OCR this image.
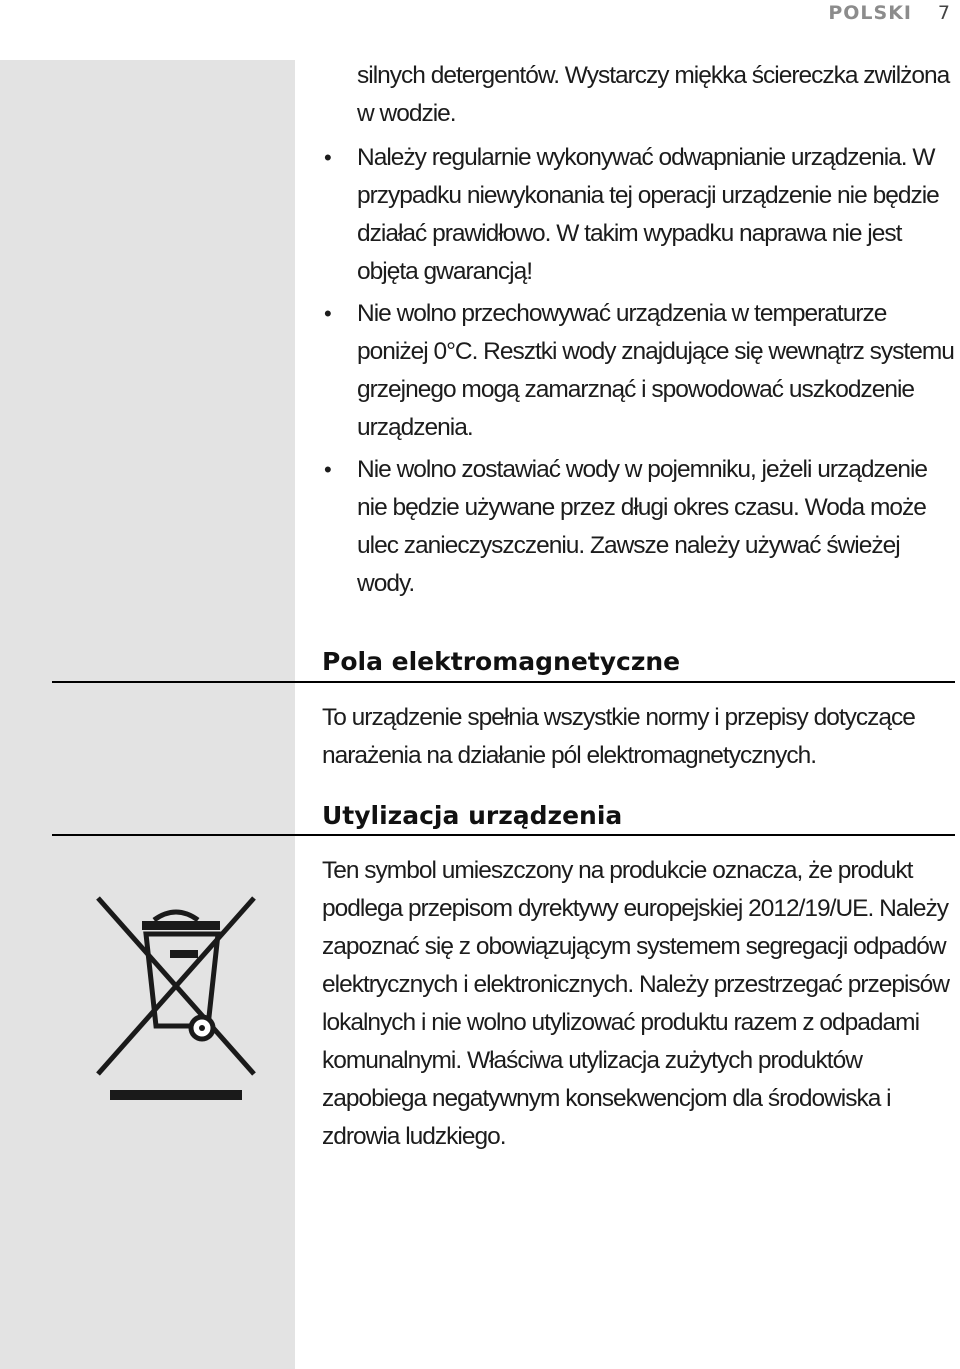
POLSKI 7

silnych detergentów. Wystarczy miękka ściereczka zwilżona w wodzie.

• Należy regularnie wykonywać odwapnianie urządzenia. W przypadku niewykonania tej operacji urządzenie nie będzie działać prawidłowo. W takim wypadku naprawa nie jest objęta gwarancją!
• Nie wolno przechowywać urządzenia w temperaturze poniżej 0°C. Resztki wody znajdujące się wewnątrz systemu grzejnego mogą zamarznąć i spowodować uszkodzenie urządzenia.
• Nie wolno zostawiać wody w pojemniku, jeżeli urządzenie nie będzie używane przez długi okres czasu. Woda może ulec zanieczyszczeniu. Zawsze należy używać świeżej wody.
Pola elektromagnetyczne

To urządzenie spełnia wszystkie normy i przepisy dotyczące narażenia na działanie pól elektromagnetycznych.

Utylizacja urządzenia

Ten symbol umieszczony na produkcie oznacza, że produkt podlega przepisom dyrektywy europejskiej 2012/19/UE. Należy zapoznać się z obowiązującym systemem segregacji odpadów elektrycznych i elektronicznych. Należy przestrzegać przepisów lokalnych i nie wolno utylizować produktu razem z odpadami komunalnymi. Właściwa utylizacja zużytych produktów zapobiega negatywnym konsekwencjom dla środowiska i zdrowia ludzkiego.
